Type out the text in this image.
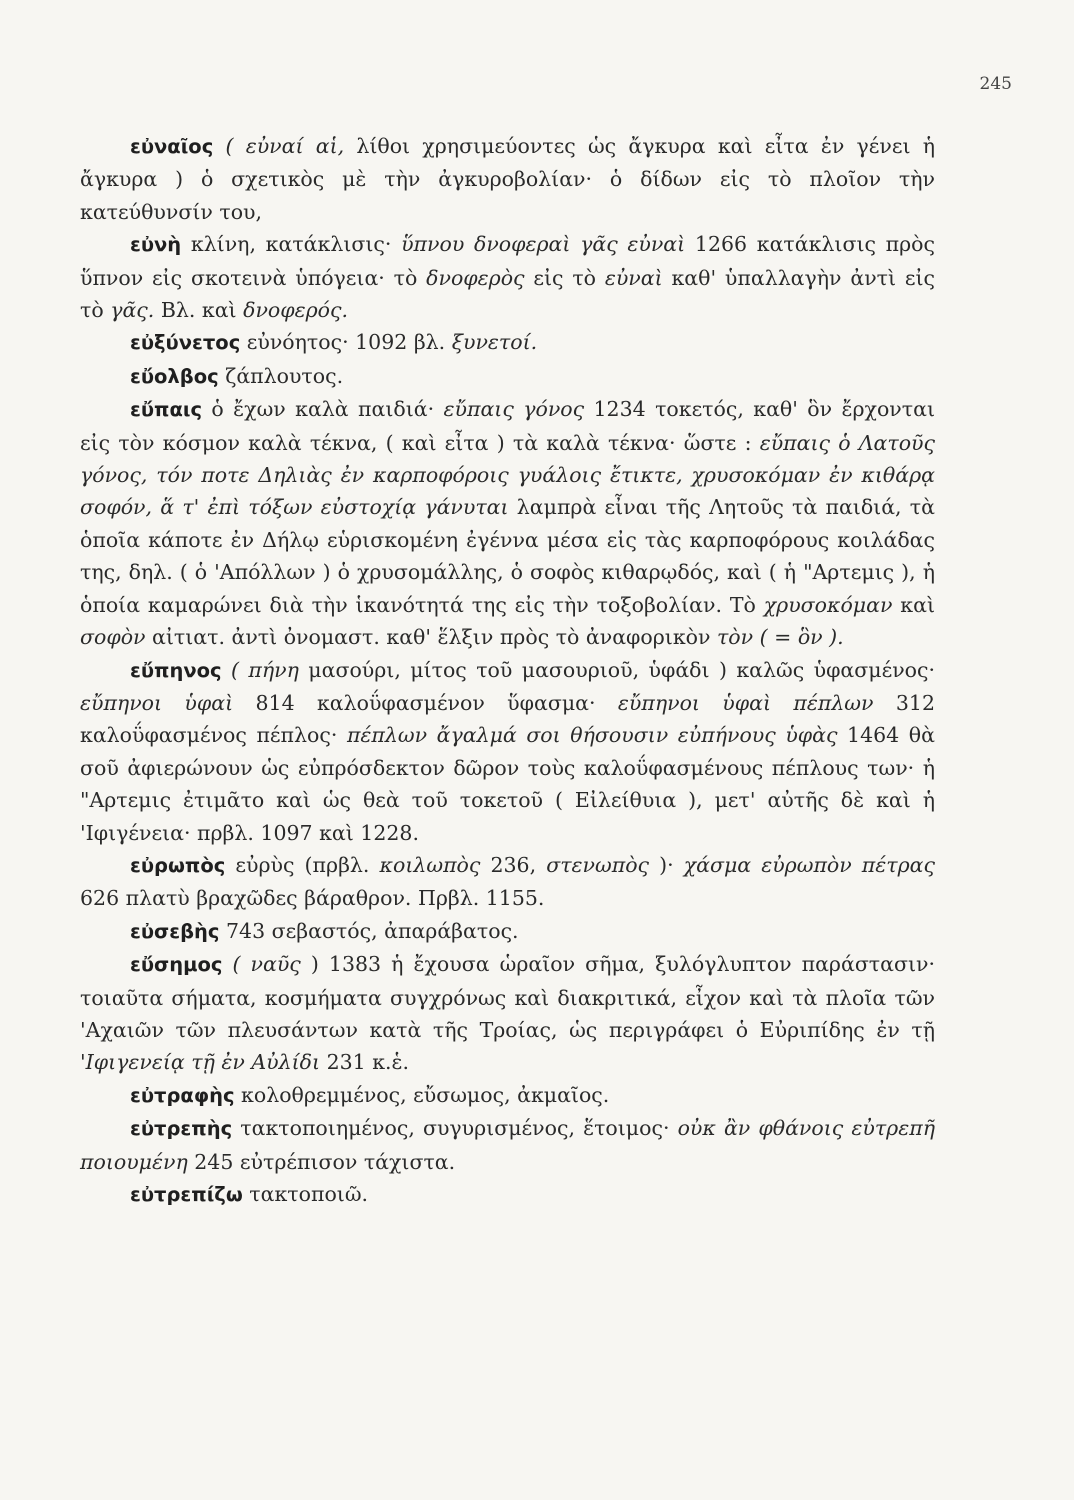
245

εὐναῖος ( εὐναί αἱ, λίθοι χρησιμεύοντες ὡς ἄγκυρα καὶ εἶτα ἐν γένει ἡ ἄγκυρα ) ὁ σχετικὸς μὲ τὴν ἀγκυροβολίαν· ὁ δίδων εἰς τὸ πλοῖον τὴν κατεύθυνσίν του,

εὐνὴ κλίνη, κατάκλισις· ὕπνου δνοφεραὶ γᾶς εὐναὶ 1266 κατάκλισις πρὸς ὕπνον εἰς σκοτεινὰ ὑπόγεια· τὸ δνοφερὸς εἰς τὸ εὐναὶ καθ' ὑπαλλαγὴν ἀντὶ εἰς τὸ γᾶς. Βλ. καὶ δνοφερός.

εὐξύνετος εὐνόητος· 1092 βλ. ξυνετοί.

εὔολβος ζάπλουτος.

εὔπαις ὁ ἔχων καλὰ παιδιά· εὔπαις γόνος 1234 τοκετός, καθ' ὃν ἔρχονται εἰς τὸν κόσμον καλὰ τέκνα, ( καὶ εἶτα ) τὰ καλὰ τέκνα· ὥστε : εὔπαις ὁ Λατοῦς γόνος, τόν ποτε Δηλιὰς ἐν καρποφόροις γυάλοις ἔτικτε, χρυσοκόμαν ἐν κιθάρᾳ σοφόν, ἅ τ' ἐπὶ τόξων εὐστοχίᾳ γάνυται λαμπρὰ εἶναι τῆς Λητοῦς τὰ παιδιά, τὰ ὁποῖα κάποτε ἐν Δήλῳ εὑρισκομένη ἐγέννα μέσα εἰς τὰς καρποφόρους κοιλάδας της, δηλ. ( ὁ 'Απόλλων ) ὁ χρυσομάλλης, ὁ σοφὸς κιθαρῳδός, καὶ ( ἡ "Αρτεμις ), ἡ ὁποία καμαρώνει διὰ τὴν ἱκανότητά της εἰς τὴν τοξοβολίαν. Τὸ χρυσοκόμαν καὶ σοφὸν αἰτιατ. ἀντὶ ὀνομαστ. καθ' ἕλξιν πρὸς τὸ ἀναφορικὸν τὸν ( = ὃν ).

εὔπηνος ( πήνη μασούρι, μίτος τοῦ μασουριοῦ, ὑφάδι ) καλῶς ὑφασμένος· εὔπηνοι ὑφαὶ 814 καλοΰφασμένον ὕφασμα· εὔπηνοι ὑφαὶ πέπλων 312 καλοΰφασμένος πέπλος· πέπλων ἄγαλμά σοι θήσουσιν εὐπήνους ὑφὰς 1464 θὰ σοῦ ἀφιερώνουν ὡς εὐπρόσδεκτον δῶρον τοὺς καλοΰφασμένους πέπλους των· ἡ "Αρτεμις ἐτιμᾶτο καὶ ὡς θεὰ τοῦ τοκετοῦ ( Εἰλείθυια ), μετ' αὐτῆς δὲ καὶ ἡ 'Ιφιγένεια· πρβλ. 1097 καὶ 1228.

εὐρωπὸς εὐρὺς (πρβλ. κοιλωπὸς 236, στενωπὸς )· χάσμα εὐρωπὸν πέτρας 626 πλατὺ βραχῶδες βάραθρον. Πρβλ. 1155.

εὐσεβὴς 743 σεβαστός, ἀπαράβατος.

εὔσημος ( ναῦς ) 1383 ἡ ἔχουσα ὡραῖον σῆμα, ξυλόγλυπτον παράστασιν· τοιαῦτα σήματα, κοσμήματα συγχρόνως καὶ διακριτικά, εἶχον καὶ τὰ πλοῖα τῶν 'Αχαιῶν τῶν πλευσάντων κατὰ τῆς Τροίας, ὡς περιγράφει ὁ Εὐριπίδης ἐν τῇ 'Ιφιγενείᾳ τῇ ἐν Αὐλίδι 231 κ.ἑ.

εὐτραφὴς κολοθρεμμένος, εὔσωμος, ἀκμαῖος.

εὐτρεπὴς τακτοποιημένος, συγυρισμένος, ἕτοιμος· οὐκ ἂν φθάνοις εὐτρεπῆ ποιουμένη 245 εὐτρέπισον τάχιστα.

εὐτρεπίζω τακτοποιῶ.
